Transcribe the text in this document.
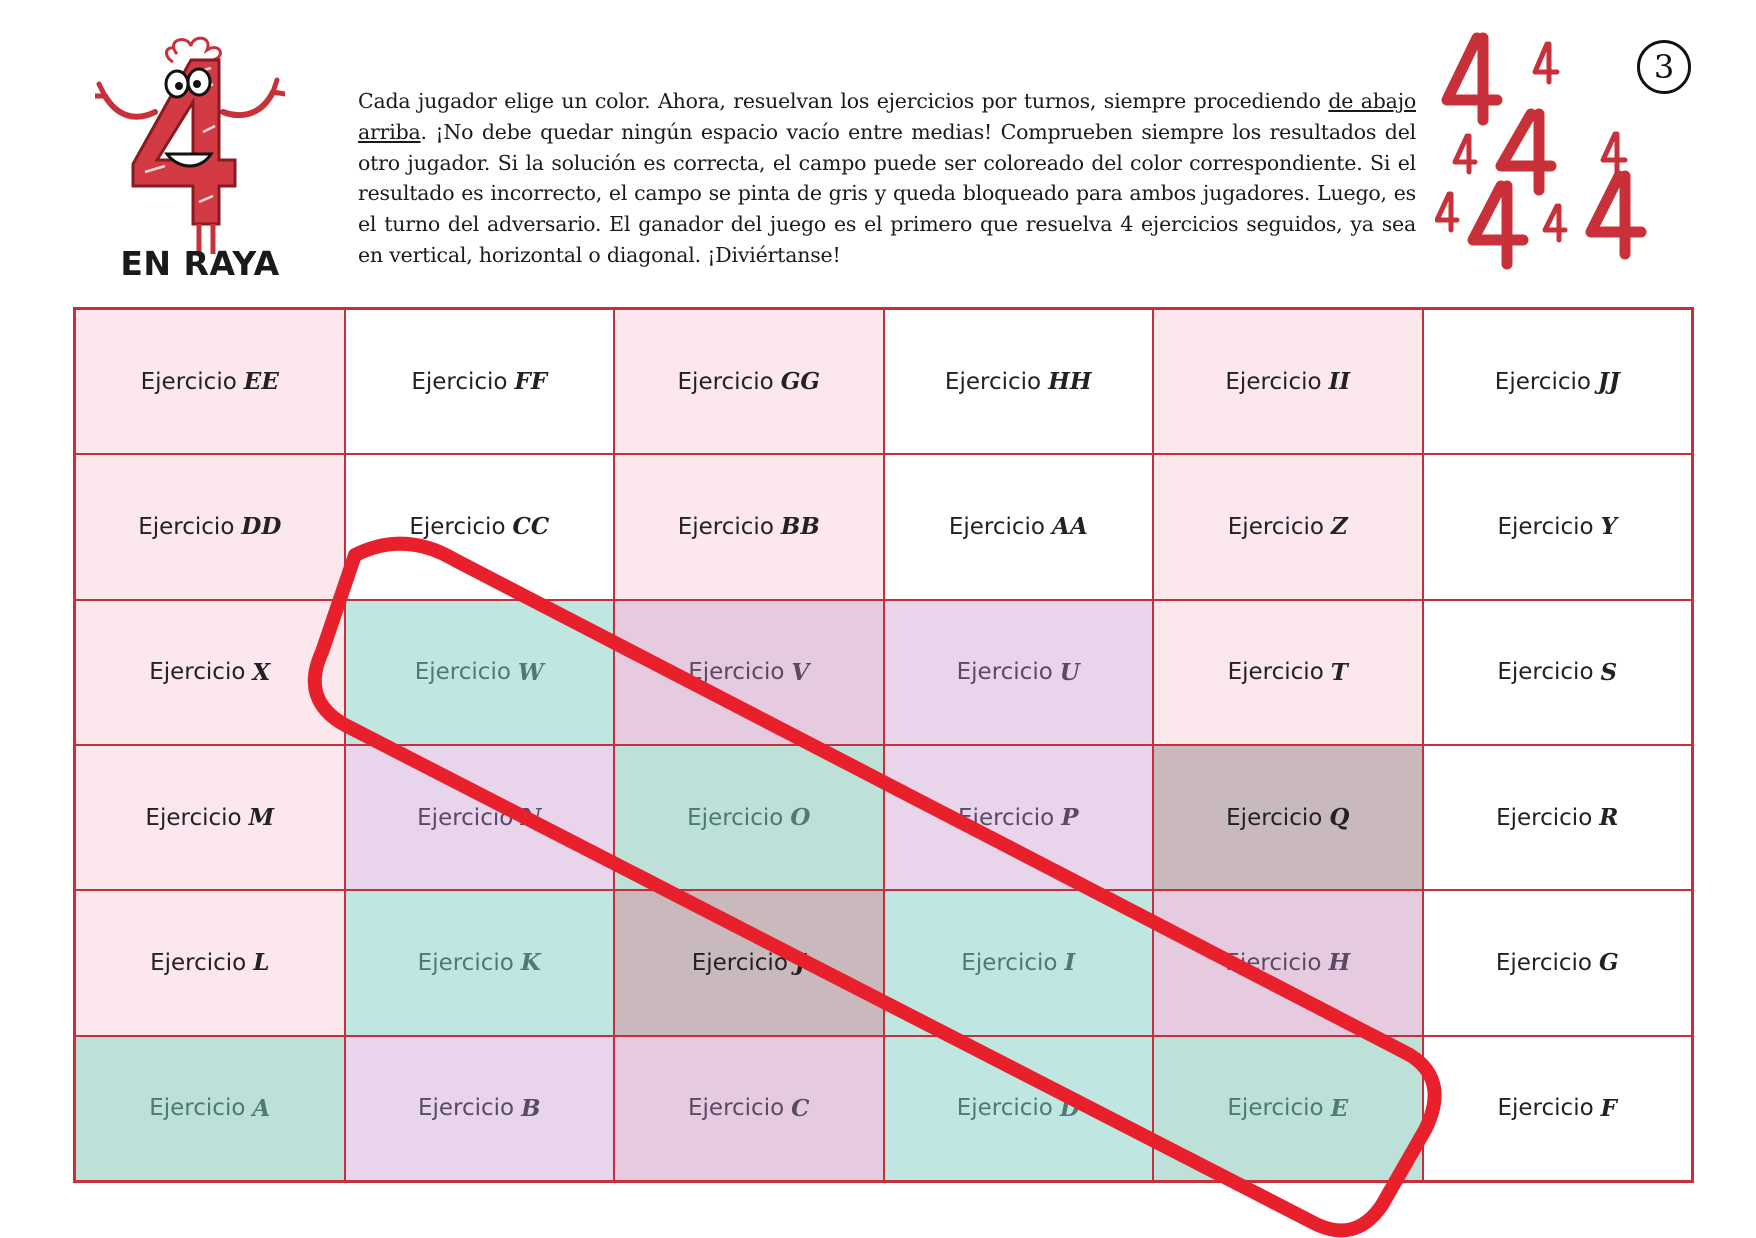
EN RAYA
Cada jugador elige un color. Ahora, resuelvan los ejercicios por turnos, siempre procediendo de abajo arriba. ¡No debe quedar ningún espacio vacío entre medias! Comprueben siempre los resultados del otro jugador. Si la solución es correcta, el campo puede ser coloreado del color correspondiente. Si el resultado es incorrecto, el campo se pinta de gris y queda bloqueado para ambos jugadores. Luego, es el turno del adversario. El ganador del juego es el primero que resuelva 4 ejercicios seguidos, ya sea en vertical, horizontal o diagonal. ¡Diviértanse!
3
Ejercicio EE	Ejercicio FF	Ejercicio GG	Ejercicio HH	Ejercicio II	Ejercicio JJ
Ejercicio DD	Ejercicio CC	Ejercicio BB	Ejercicio AA	Ejercicio Z	Ejercicio Y
Ejercicio X	Ejercicio W	Ejercicio V	Ejercicio U	Ejercicio T	Ejercicio S
Ejercicio M	Ejercicio N	Ejercicio O	Ejercicio P	Ejercicio Q	Ejercicio R
Ejercicio L	Ejercicio K	Ejercicio J	Ejercicio I	Ejercicio H	Ejercicio G
Ejercicio A	Ejercicio B	Ejercicio C	Ejercicio D	Ejercicio E	Ejercicio F
